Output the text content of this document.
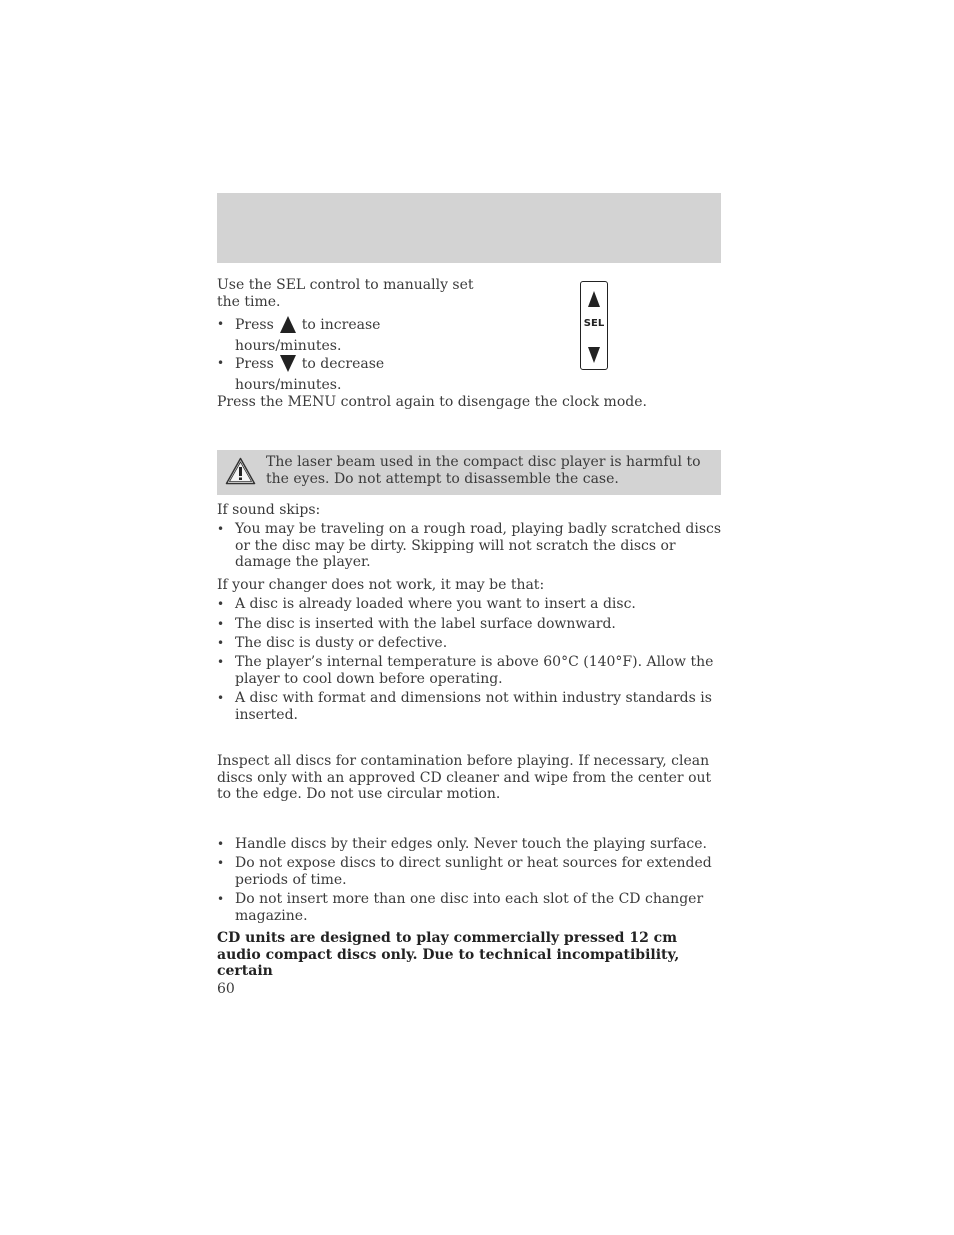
Use the SEL control to manually set the time.

• Press to increase hours/minutes.
• Press to decrease hours/minutes.
SEL

Press the MENU control again to disengage the clock mode.

The laser beam used in the compact disc player is harmful to the eyes. Do not attempt to disassemble the case.

If sound skips:

• You may be traveling on a rough road, playing badly scratched discs or the disc may be dirty. Skipping will not scratch the discs or damage the player.

If your changer does not work, it may be that:

• A disc is already loaded where you want to insert a disc.
• The disc is inserted with the label surface downward.
• The disc is dusty or defective.
• The player’s internal temperature is above 60°C (140°F). Allow the player to cool down before operating.
• A disc with format and dimensions not within industry standards is inserted.

Inspect all discs for contamination before playing. If necessary, clean discs only with an approved CD cleaner and wipe from the center out to the edge. Do not use circular motion.

• Handle discs by their edges only. Never touch the playing surface.
• Do not expose discs to direct sunlight or heat sources for extended periods of time.
• Do not insert more than one disc into each slot of the CD changer magazine.

CD units are designed to play commercially pressed 12 cm audio compact discs only. Due to technical incompatibility, certain

60
